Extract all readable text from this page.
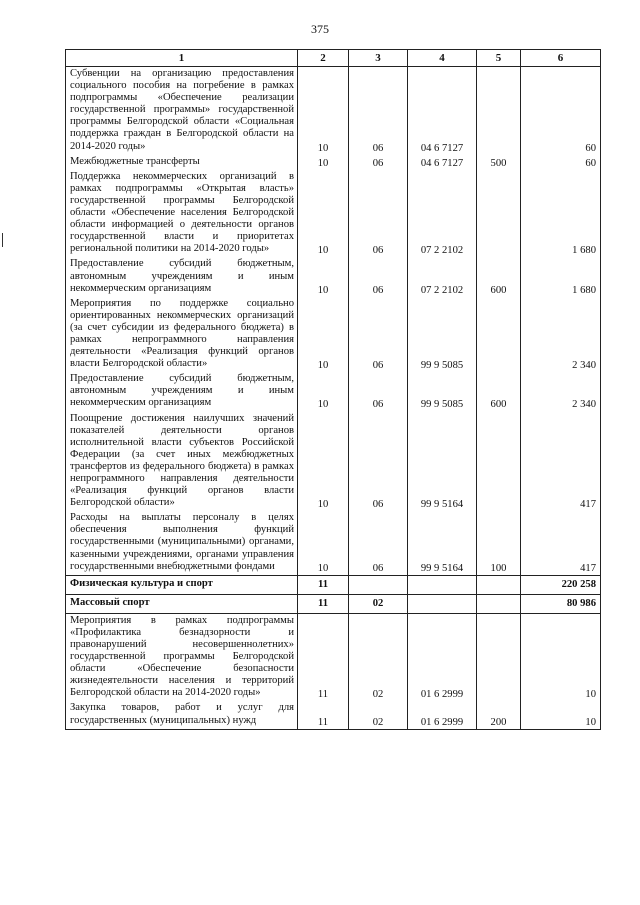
375
1	2	3	4	5	6
Субвенции на организацию предоставления социального пособия на погребение в рамках подпрограммы «Обеспечение реализации государственной программы» государственной программы Белгородской области «Социальная поддержка граждан в Белгородской области на 2014-2020 годы»	10	06	04 6 7127		60
Межбюджетные трансферты	10	06	04 6 7127	500	60
Поддержка некоммерческих организаций в рамках подпрограммы «Открытая власть» государственной программы Белгородской области «Обеспечение населения Белгородской области информацией о деятельности органов государственной власти и приоритетах региональной политики на 2014-2020 годы»	10	06	07 2 2102		1 680
Предоставление субсидий бюджетным, автономным учреждениям и иным некоммерческим организациям	10	06	07 2 2102	600	1 680
Мероприятия по поддержке социально ориентированных некоммерческих организаций (за счет субсидии из федерального бюджета) в рамках непрограммного направления деятельности «Реализация функций органов власти Белгородской области»	10	06	99 9 5085		2 340
Предоставление субсидий бюджетным, автономным учреждениям и иным некоммерческим организациям	10	06	99 9 5085	600	2 340
Поощрение достижения наилучших значений показателей деятельности органов исполнительной власти субъектов Российской Федерации (за счет иных межбюджетных трансфертов из федерального бюджета) в рамках непрограммного направления деятельности «Реализация функций органов власти Белгородской области»	10	06	99 9 5164		417
Расходы на выплаты персоналу в целях обеспечения выполнения функций государственными (муниципальными) органами, казенными учреждениями, органами управления государственными внебюджетными фондами	10	06	99 9 5164	100	417
Физическая культура и спорт	11				220 258
Массовый спорт	11	02			80 986
Мероприятия в рамках подпрограммы «Профилактика безнадзорности и правонарушений несовершеннолетних» государственной программы Белгородской области «Обеспечение безопасности жизнедеятельности населения и территорий Белгородской области на 2014-2020 годы»	11	02	01 6 2999		10
Закупка товаров, работ и услуг для государственных (муниципальных) нужд	11	02	01 6 2999	200	10
